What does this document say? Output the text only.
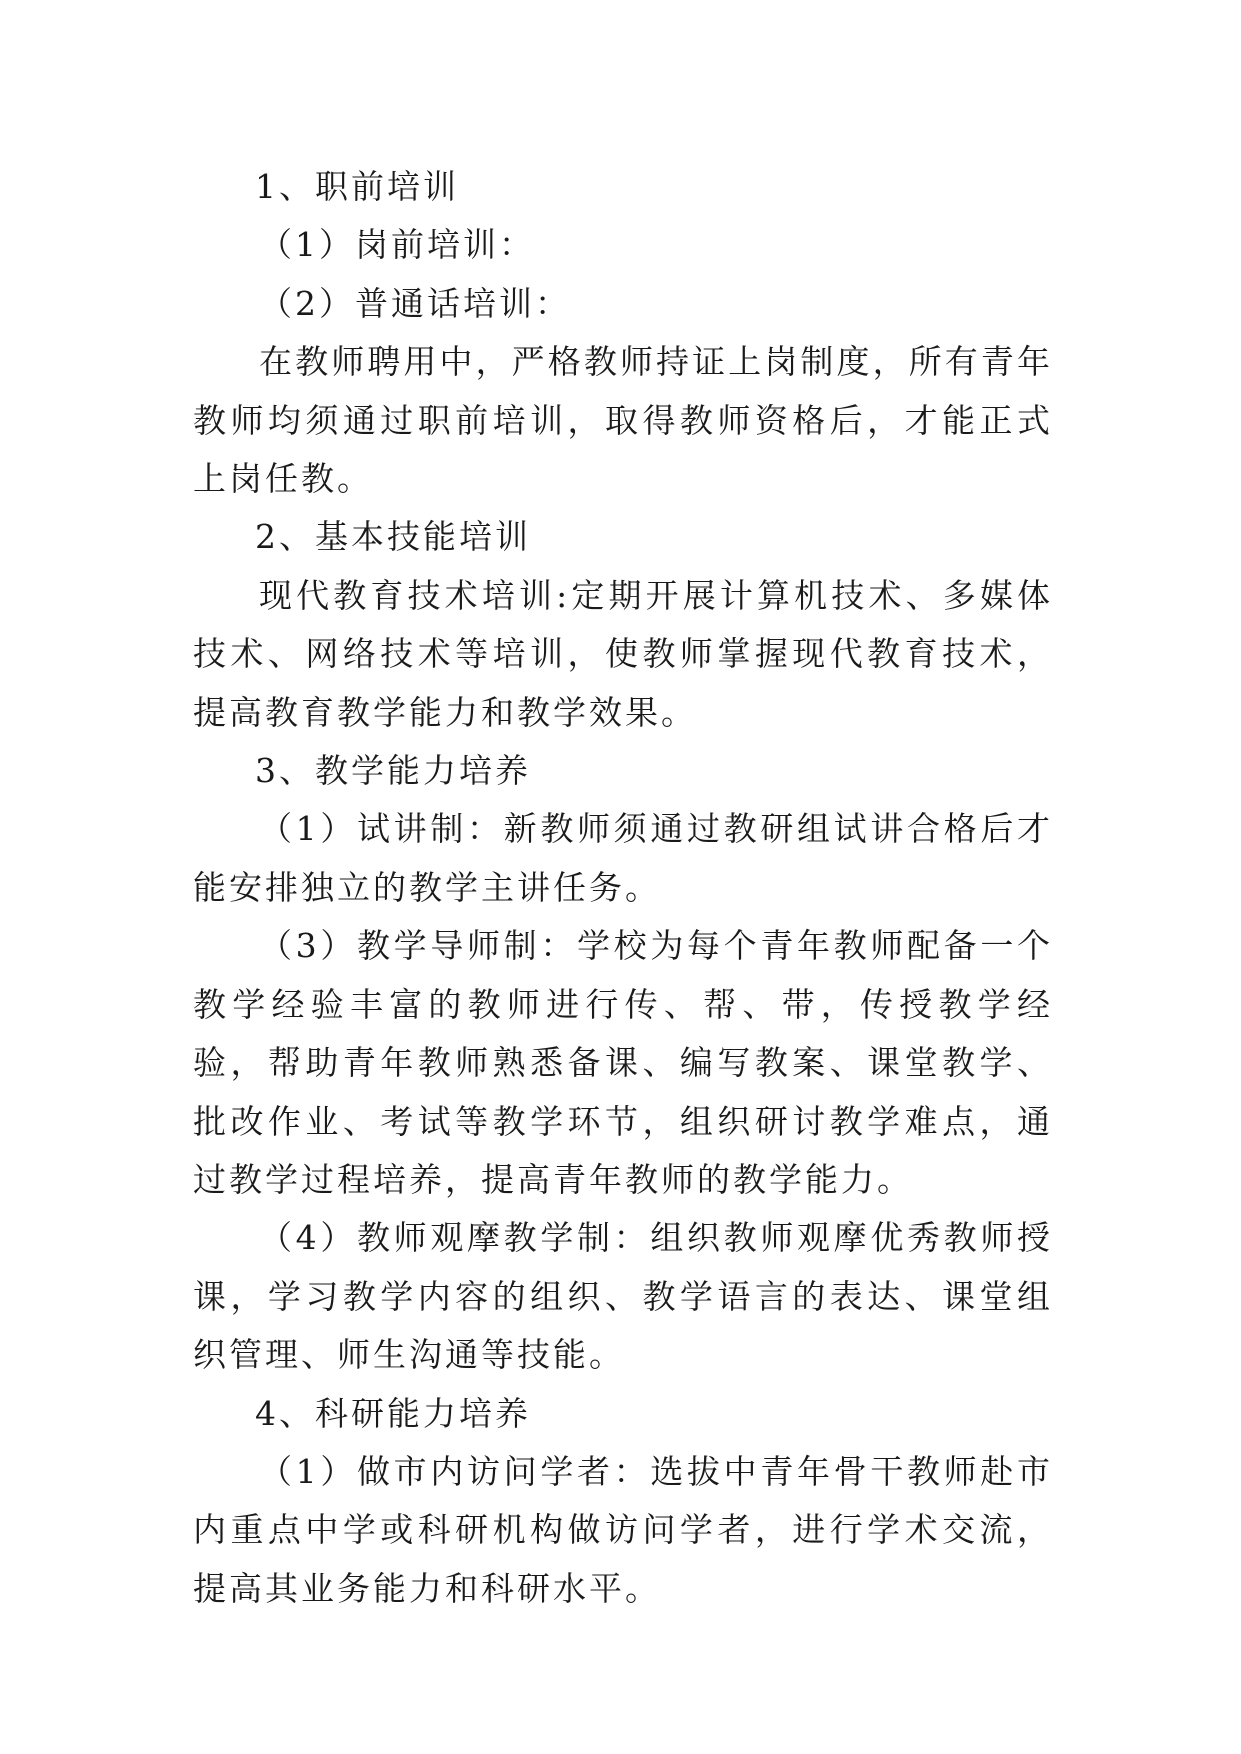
1、职前培训

（1）岗前培训：

（2）普通话培训：

在教师聘用中，严格教师持证上岗制度，所有青年教师均须通过职前培训，取得教师资格后，才能正式上岗任教。

2、基本技能培训

现代教育技术培训:定期开展计算机技术、多媒体技术、网络技术等培训，使教师掌握现代教育技术，提高教育教学能力和教学效果。

3、教学能力培养

（1）试讲制：新教师须通过教研组试讲合格后才能安排独立的教学主讲任务。

（3）教学导师制：学校为每个青年教师配备一个教学经验丰富的教师进行传、帮、带，传授教学经验，帮助青年教师熟悉备课、编写教案、课堂教学、批改作业、考试等教学环节，组织研讨教学难点，通过教学过程培养，提高青年教师的教学能力。

（4）教师观摩教学制：组织教师观摩优秀教师授课，学习教学内容的组织、教学语言的表达、课堂组织管理、师生沟通等技能。

4、科研能力培养

（1）做市内访问学者：选拔中青年骨干教师赴市内重点中学或科研机构做访问学者，进行学术交流，提高其业务能力和科研水平。
